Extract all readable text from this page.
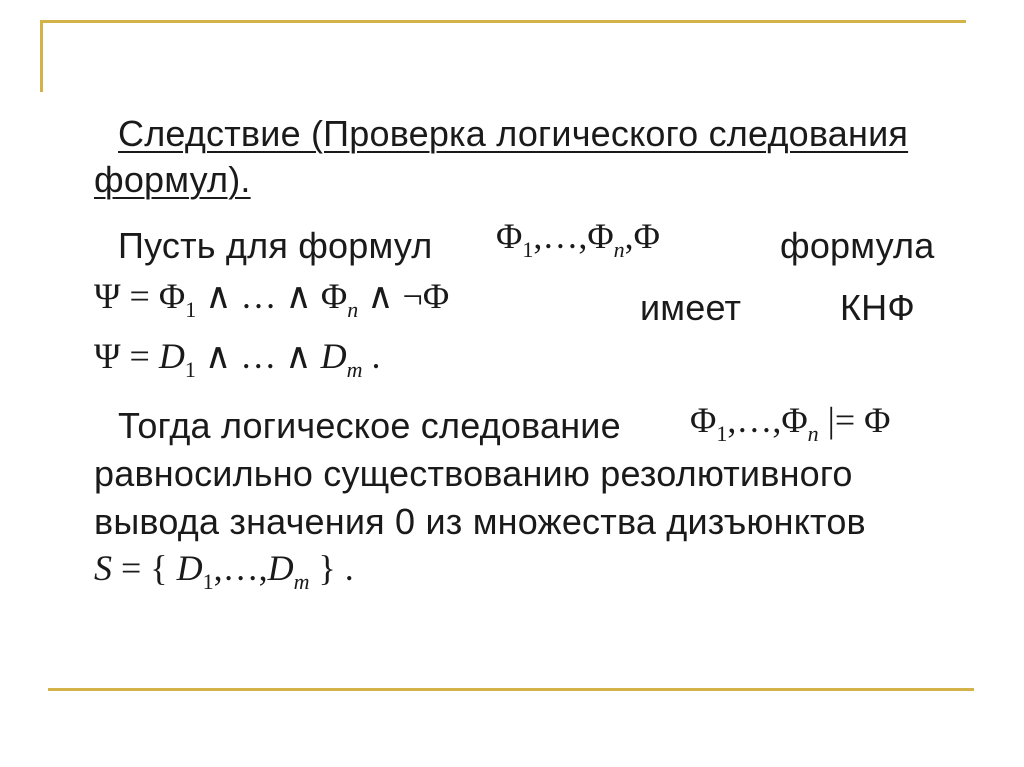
Следствие (Проверка логического следования
формул).
Пусть для формул $\Phi_1,\dots,\Phi_n,\Phi$	формула
$\Psi = \Phi_1$ ∧ … ∧ $\Phi_n$ ∧ ¬Φ	имеет	КНФ
$\Psi = D_1$ ∧ … ∧ $D_m$ .
Тогда логическое следование $\Phi_1,\dots,\Phi_n$ |= Φ
равносильно существованию резолютивного
вывода значения 0 из множества дизъюнктов
S = { $D_1,\dots,D_m$ } .
